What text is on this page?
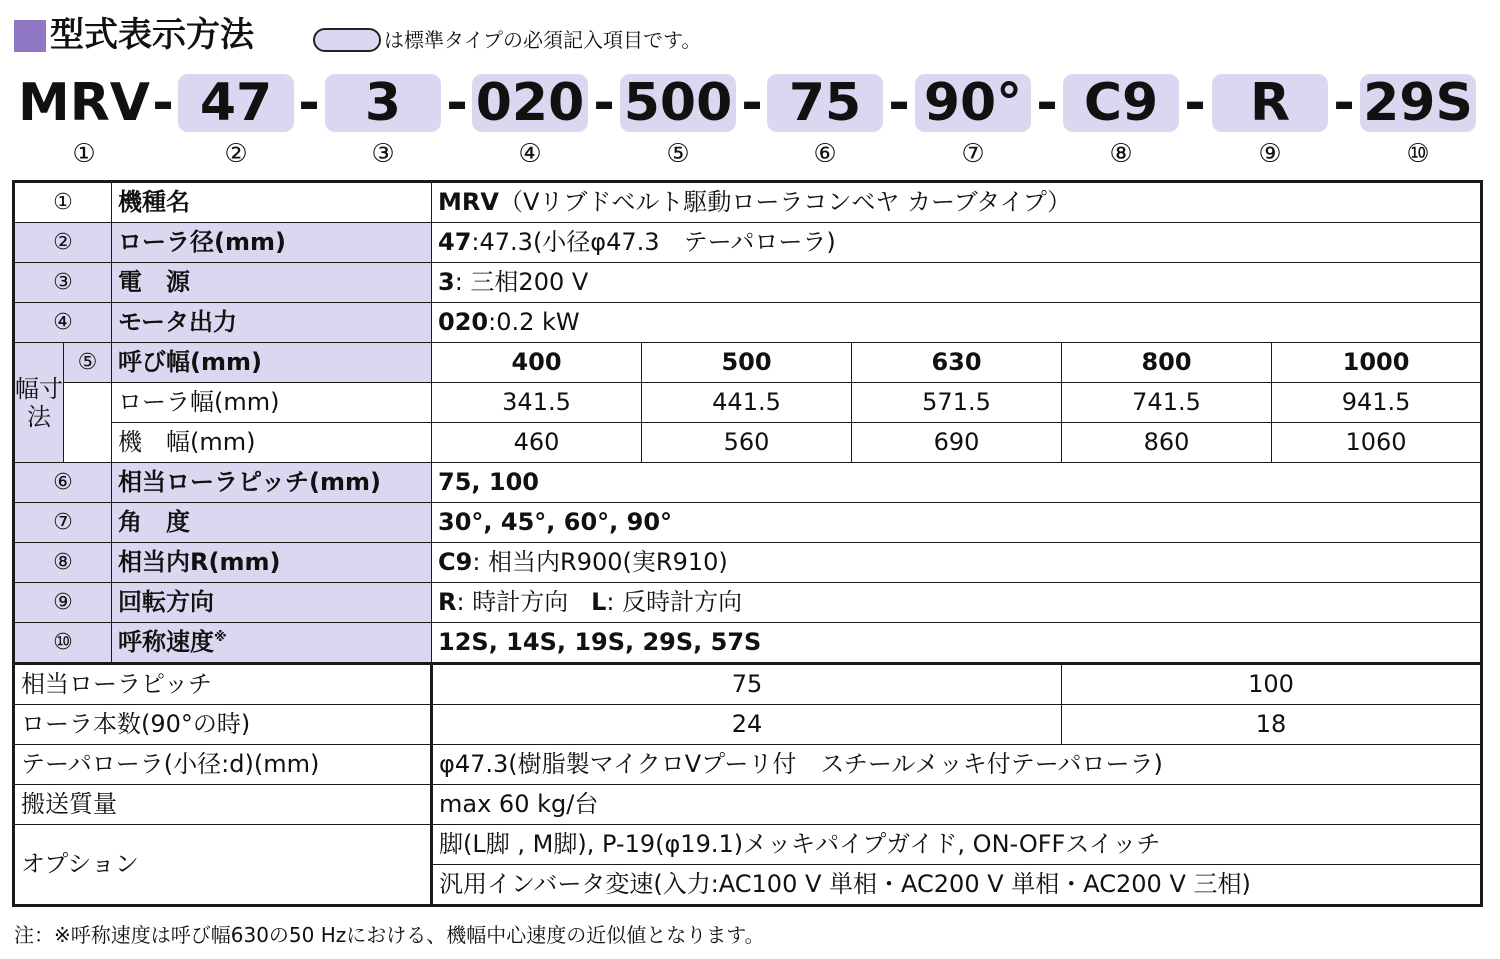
型式表示方法	は標準タイプの必須記入項目です。
MRV - 47 - 3 - 020 - 500 - 75 - 90° - C9 - R - 29S
①	②	③	④	⑤	⑥	⑦	⑧	⑨	⑩
①		機種名	MRV（Vリブドベルト駆動ローラコンベヤ カーブタイプ）				
②		ローラ径(mm)	47:47.3(小径φ47.3　テーパローラ)				
③		電　源	3: 三相200 V				
④		モータ出力	020:0.2 kW				
幅寸法	⑤	呼び幅(mm)	400	500	630	800	1000
		ローラ幅(mm)	341.5	441.5	571.5	741.5	941.5
		機　幅(mm)	460	560	690	860	1060
⑥		相当ローラピッチ(mm)	75, 100				
⑦		角　度	30°, 45°, 60°, 90°				
⑧		相当内R(mm)	C9: 相当内R900(実R910)				
⑨		回転方向	R: 時計方向 L: 反時計方向				
⑩		呼称速度※	12S, 14S, 19S, 29S, 57S				
相当ローラピッチ			75			100	
ローラ本数(90°の時)			24			18	
テーパローラ(小径:d)(mm)			φ47.3(樹脂製マイクロVプーリ付　スチールメッキ付テーパローラ)				
搬送質量			max 60 kg/台				
オプション			脚(L脚 , M脚), P-19(φ19.1)メッキパイプガイド, ON-OFFスイッチ				
			汎用インバータ変速(入力:AC100 V 単相・AC200 V 単相・AC200 V 三相)				
注：※呼称速度は呼び幅630の50 Hzにおける、機幅中心速度の近似値となります。
